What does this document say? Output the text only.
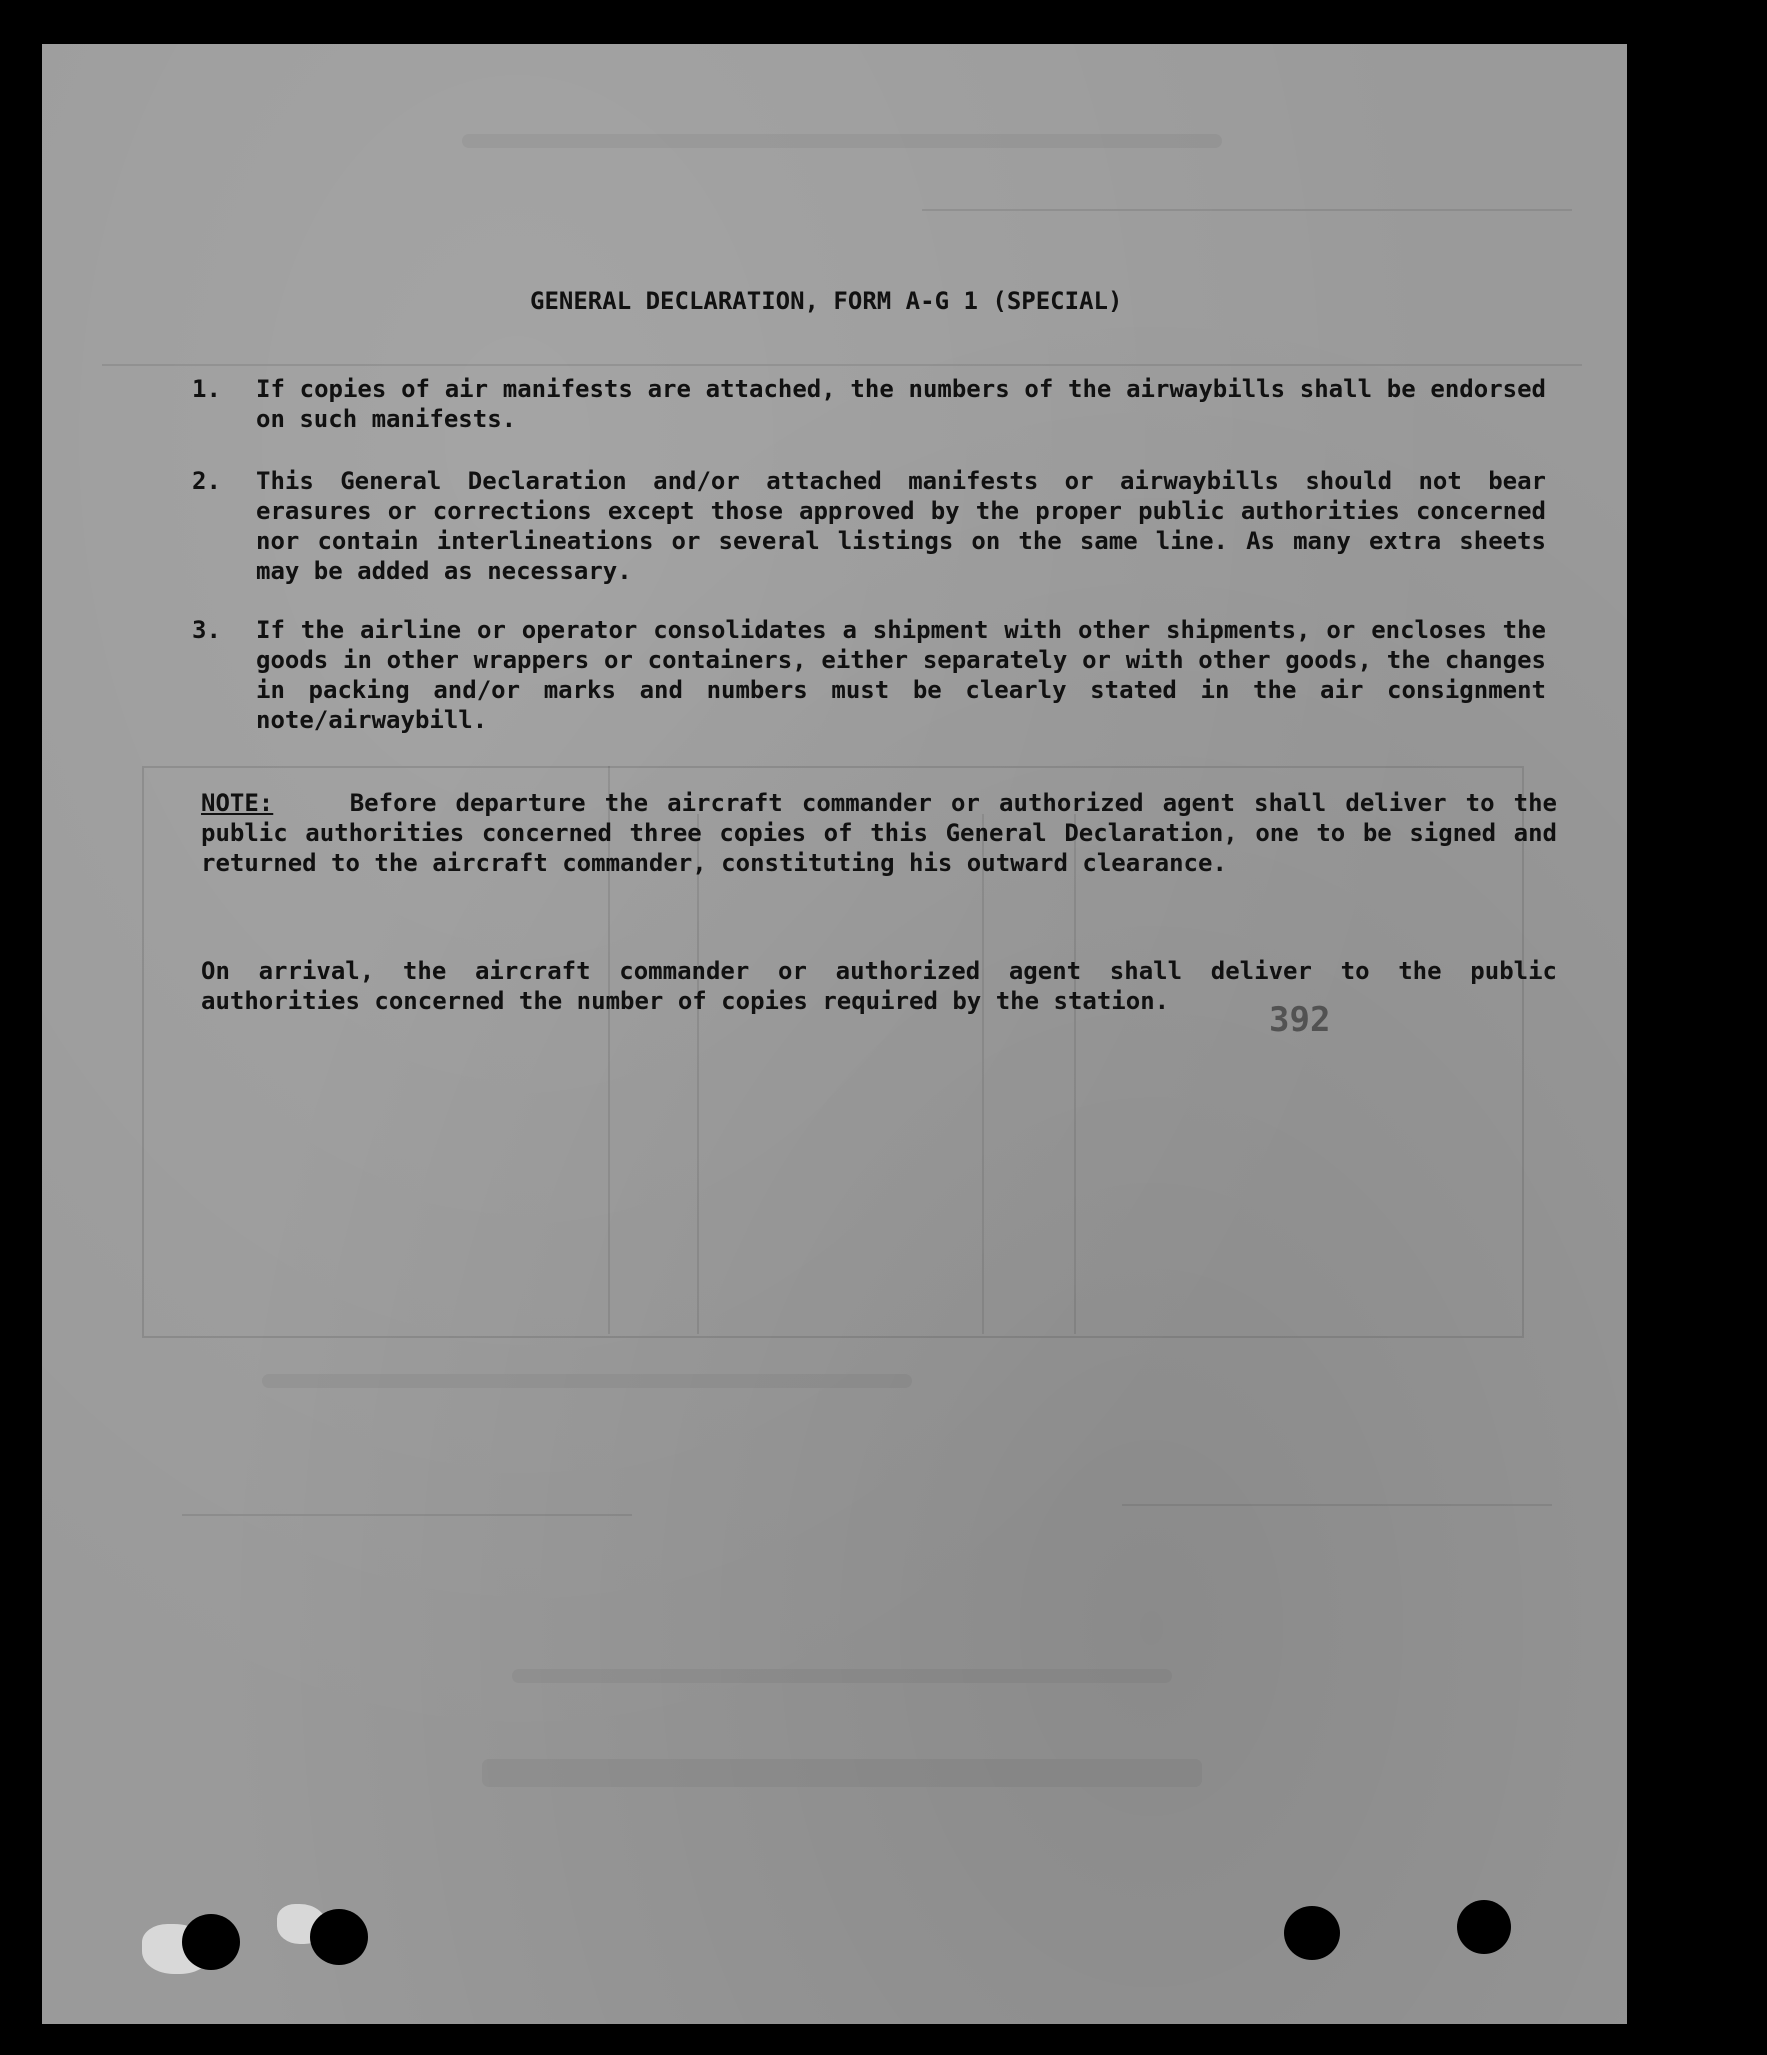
GENERAL DECLARATION, FORM A-G 1 (SPECIAL)
1.	If copies of air manifests are attached, the numbers of the airwaybills shall be endorsed on such manifests.
2.	This General Declaration and/or attached manifests or airwaybills should not bear erasures or corrections except those approved by the proper public authorities concerned nor contain interlineations or several listings on the same line. As many extra sheets may be added as necessary.
3.	If the airline or operator consolidates a shipment with other shipments, or encloses the goods in other wrappers or containers, either separately or with other goods, the changes in packing and/or marks and numbers must be clearly stated in the air consignment note/airwaybill.

NOTE:	Before departure the aircraft commander or authorized agent shall deliver to the public authorities concerned three copies of this General Declaration, one to be signed and returned to the aircraft commander, constituting his outward clearance.

On arrival, the aircraft commander or authorized agent shall deliver to the public authorities concerned the number of copies required by the station.	392
